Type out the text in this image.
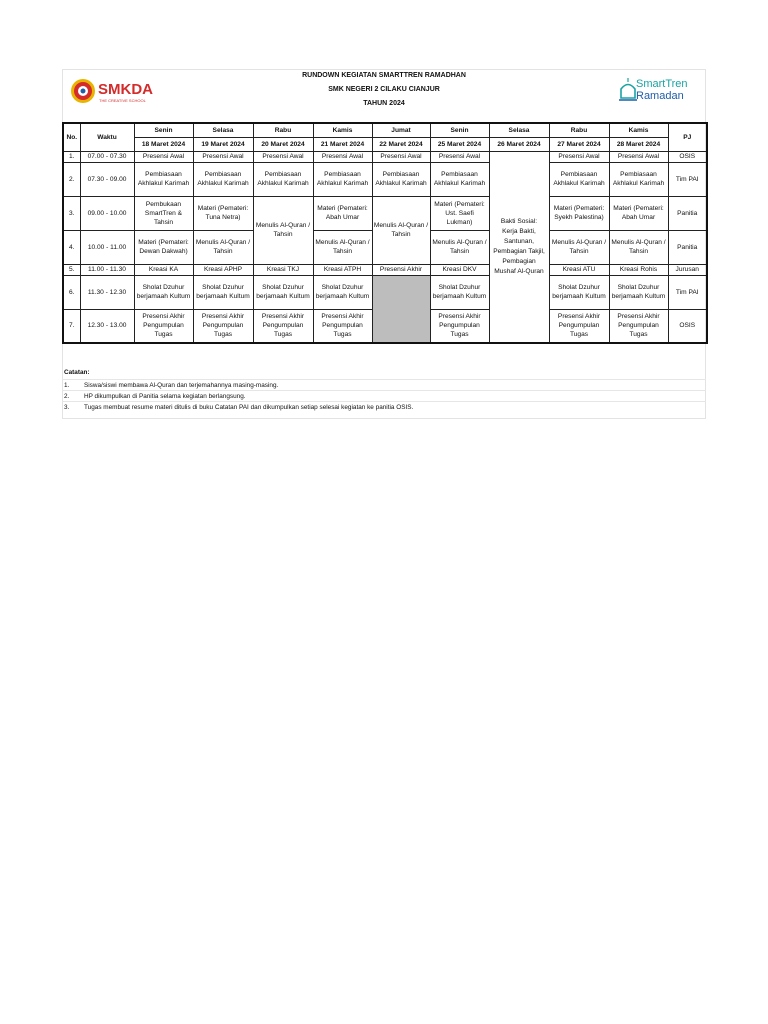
SMKDA
THE CREATIVE SCHOOL
RUNDOWN KEGIATAN SMARTTREN RAMADHAN
SMK NEGERI 2 CILAKU CIANJUR
TAHUN 2024
SmartTren
Ramadan
No.	Waktu	Senin	Selasa	Rabu	Kamis	Jumat	Senin	Selasa	Rabu	Kamis	PJ
		18 Maret 2024	19 Maret 2024	20 Maret 2024	21 Maret 2024	22 Maret 2024	25 Maret 2024	26 Maret 2024	27 Maret 2024	28 Maret 2024	
1.	07.00 - 07.30	Presensi Awal	Presensi Awal	Presensi Awal	Presensi Awal	Presensi Awal	Presensi Awal	Bakti Sosial: Kerja Bakti, Santunan, Pembagian Takjil, Pembagian Mushaf Al-Quran	Presensi Awal	Presensi Awal	OSIS
2.	07.30 - 09.00	Pembiasaan Akhlakul Karimah	Pembiasaan Akhlakul Karimah	Pembiasaan Akhlakul Karimah	Pembiasaan Akhlakul Karimah	Pembiasaan Akhlakul Karimah	Pembiasaan Akhlakul Karimah		Pembiasaan Akhlakul Karimah	Pembiasaan Akhlakul Karimah	Tim PAI
3.	09.00 - 10.00	Pembukaan SmartTren & Tahsin	Materi (Pemateri: Tuna Netra)	Menulis Al-Quran / Tahsin	Materi (Pemateri: Abah Umar	Menulis Al-Quran / Tahsin	Materi (Pemateri: Ust. Saefi Lukman)		Materi (Pemateri: Syekh Palestina)	Materi (Pemateri: Abah Umar	Panitia
4.	10.00 - 11.00	Materi (Pemateri: Dewan Dakwah)	Menulis Al-Quran / Tahsin		Menulis Al-Quran / Tahsin		Menulis Al-Quran / Tahsin		Menulis Al-Quran / Tahsin	Menulis Al-Quran / Tahsin	Panitia
5.	11.00 - 11.30	Kreasi KA	Kreasi APHP	Kreasi TKJ	Kreasi ATPH	Presensi Akhir	Kreasi DKV		Kreasi ATU	Kreasi Rohis	Jurusan
6.	11.30 - 12.30	Sholat Dzuhur berjamaah Kultum	Sholat Dzuhur berjamaah Kultum	Sholat Dzuhur berjamaah Kultum	Sholat Dzuhur berjamaah Kultum		Sholat Dzuhur berjamaah Kultum		Sholat Dzuhur berjamaah Kultum	Sholat Dzuhur berjamaah Kultum	Tim PAI
7.	12.30 - 13.00	Presensi Akhir Pengumpulan Tugas	Presensi Akhir Pengumpulan Tugas	Presensi Akhir Pengumpulan Tugas	Presensi Akhir Pengumpulan Tugas		Presensi Akhir Pengumpulan Tugas		Presensi Akhir Pengumpulan Tugas	Presensi Akhir Pengumpulan Tugas	OSIS
Catatan:
1. Siswa/siswi membawa Al-Quran dan terjemahannya masing-masing.
2. HP dikumpulkan di Panitia selama kegiatan berlangsung.
3. Tugas membuat resume materi ditulis di buku Catatan PAI dan dikumpulkan setiap selesai kegiatan ke panitia OSIS.
